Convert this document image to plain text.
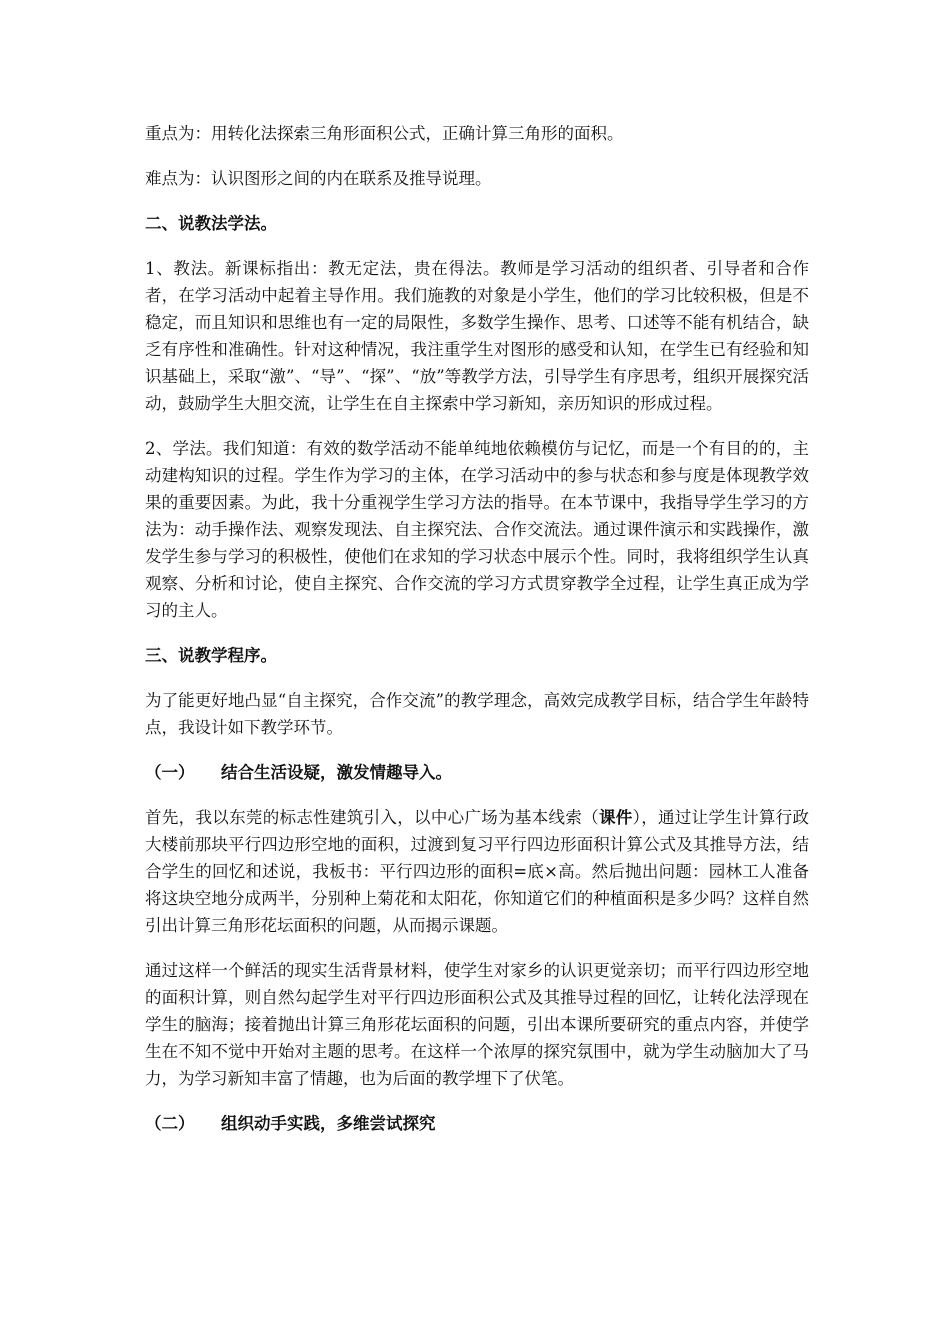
重点为：用转化法探索三角形面积公式，正确计算三角形的面积。

难点为：认识图形之间的内在联系及推导说理。

二、说教法学法。

1、教法。新课标指出：教无定法，贵在得法。教师是学习活动的组织者、引导者和合作者，在学习活动中起着主导作用。我们施教的对象是小学生，他们的学习比较积极，但是不稳定，而且知识和思维也有一定的局限性，多数学生操作、思考、口述等不能有机结合，缺乏有序性和准确性。针对这种情况，我注重学生对图形的感受和认知，在学生已有经验和知识基础上，采取“激”、“导”、“探”、“放”等教学方法，引导学生有序思考，组织开展探究活动，鼓励学生大胆交流，让学生在自主探索中学习新知，亲历知识的形成过程。

2、学法。我们知道：有效的数学活动不能单纯地依赖模仿与记忆，而是一个有目的的，主动建构知识的过程。学生作为学习的主体，在学习活动中的参与状态和参与度是体现教学效果的重要因素。为此，我十分重视学生学习方法的指导。在本节课中，我指导学生学习的方法为：动手操作法、观察发现法、自主探究法、合作交流法。通过课件演示和实践操作，激发学生参与学习的积极性，使他们在求知的学习状态中展示个性。同时，我将组织学生认真观察、分析和讨论，使自主探究、合作交流的学习方式贯穿教学全过程，让学生真正成为学习的主人。

三、说教学程序。

为了能更好地凸显“自主探究，合作交流”的教学理念，高效完成教学目标，结合学生年龄特点，我设计如下教学环节。

（一） 结合生活设疑，激发情趣导入。

首先，我以东莞的标志性建筑引入，以中心广场为基本线索（课件），通过让学生计算行政大楼前那块平行四边形空地的面积，过渡到复习平行四边形面积计算公式及其推导方法，结合学生的回忆和述说，我板书：平行四边形的面积=底×高。然后抛出问题：园林工人准备将这块空地分成两半，分别种上菊花和太阳花，你知道它们的种植面积是多少吗？这样自然引出计算三角形花坛面积的问题，从而揭示课题。

通过这样一个鲜活的现实生活背景材料，使学生对家乡的认识更觉亲切；而平行四边形空地的面积计算，则自然勾起学生对平行四边形面积公式及其推导过程的回忆，让转化法浮现在学生的脑海；接着抛出计算三角形花坛面积的问题，引出本课所要研究的重点内容，并使学生在不知不觉中开始对主题的思考。在这样一个浓厚的探究氛围中，就为学生动脑加大了马力，为学习新知丰富了情趣，也为后面的教学埋下了伏笔。

（二） 组织动手实践，多维尝试探究
